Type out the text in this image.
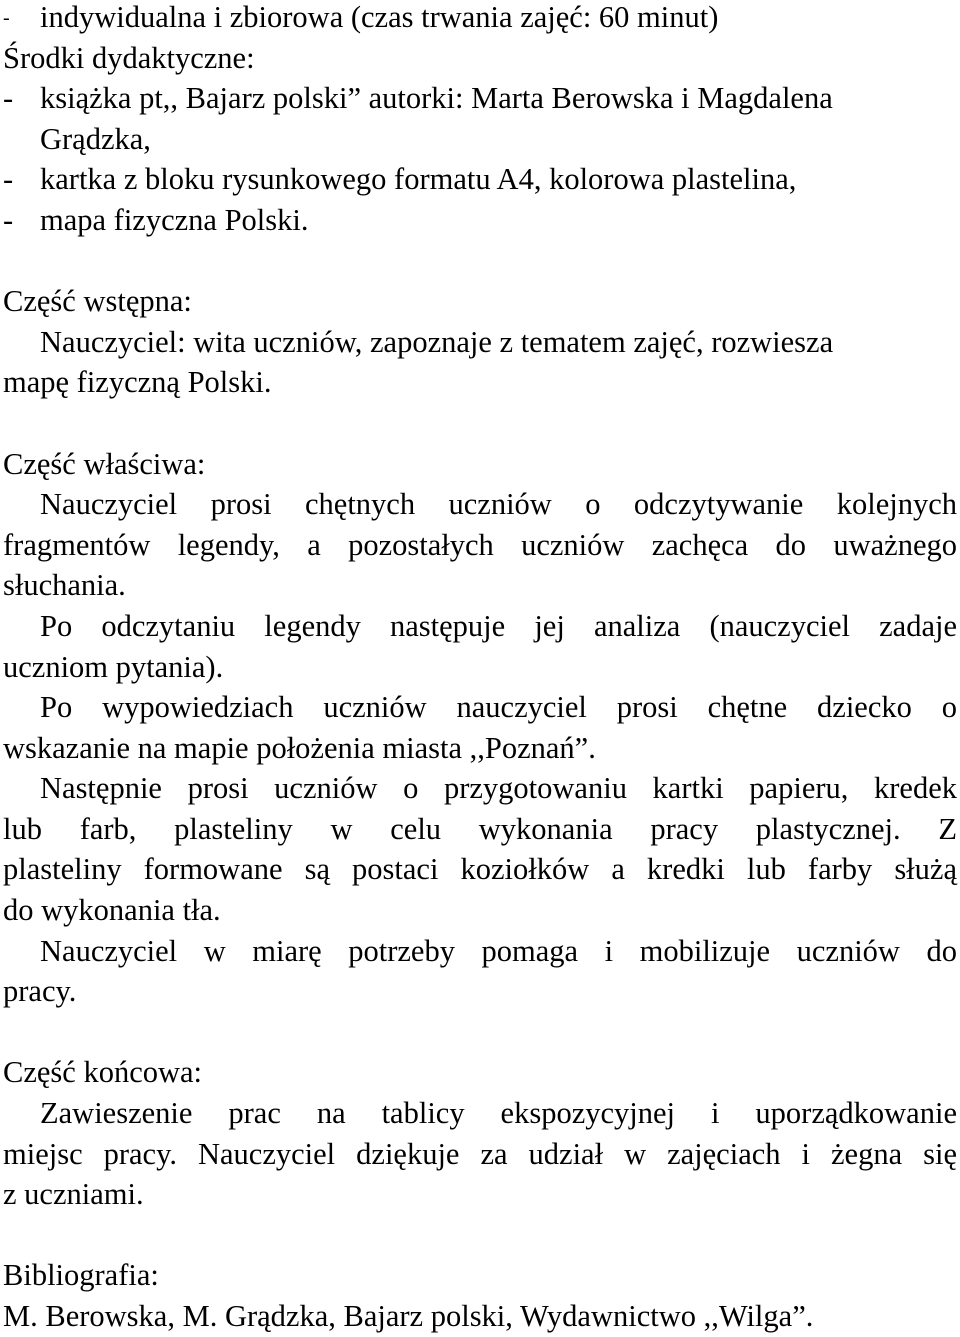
- indywidualna i zbiorowa (czas trwania zajęć: 60 minut)
Środki dydaktyczne:
- książka pt,, Bajarz polski” autorki: Marta Berowska i Magdalena
Grądzka,
- kartka z bloku rysunkowego formatu A4, kolorowa plastelina,
- mapa fizyczna Polski.
Część wstępna:
Nauczyciel: wita uczniów, zapoznaje z tematem zajęć, rozwiesza
mapę fizyczną Polski.
Część właściwa:
Nauczyciel prosi chętnych uczniów o odczytywanie kolejnych
fragmentów legendy, a pozostałych uczniów zachęca do uważnego
słuchania.
Po odczytaniu legendy następuje jej analiza (nauczyciel zadaje
uczniom pytania).
Po wypowiedziach uczniów nauczyciel prosi chętne dziecko o
wskazanie na mapie położenia miasta ,,Poznań”.
Następnie prosi uczniów o przygotowaniu kartki papieru, kredek
lub farb, plasteliny w celu wykonania pracy plastycznej. Z
plasteliny formowane są postaci koziołków a kredki lub farby służą
do wykonania tła.
Nauczyciel w miarę potrzeby pomaga i mobilizuje uczniów do
pracy.
Część końcowa:
Zawieszenie prac na tablicy ekspozycyjnej i uporządkowanie
miejsc pracy. Nauczyciel dziękuje za udział w zajęciach i żegna się
z uczniami.
Bibliografia:
M. Berowska, M. Grądzka, Bajarz polski, Wydawnictwo ,,Wilga”.
